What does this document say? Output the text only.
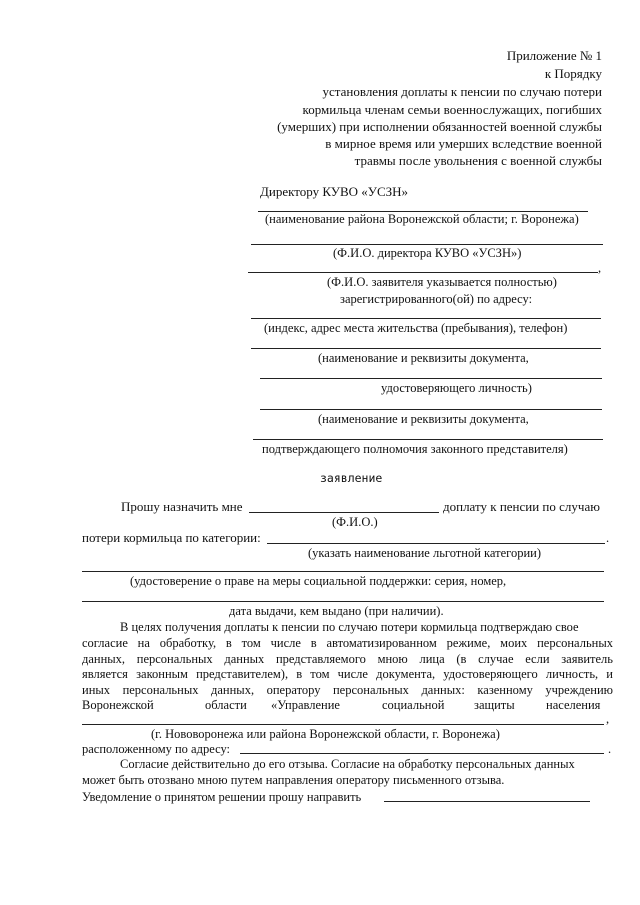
Приложение № 1
к Порядку
установления доплаты к пенсии по случаю потери
кормильца членам семьи военнослужащих, погибших
(умерших) при исполнении обязанностей военной службы
в мирное время или умерших вследствие военной
травмы после увольнения с военной службы
Директору КУВО «УСЗН»
(наименование района Воронежской области; г. Воронежа)
(Ф.И.О. директора КУВО «УСЗН»)
,
(Ф.И.О. заявителя указывается полностью)
зарегистрированного(ой) по адресу:
(индекс, адрес места жительства (пребывания), телефон)
(наименование и реквизиты документа,
удостоверяющего личность)
(наименование и реквизиты документа,
подтверждающего полномочия законного представителя)
заявление
Прошу назначить мне	доплату к пенсии по случаю
(Ф.И.О.)
потери кормильца по категории:	.
(указать наименование льготной категории)
(удостоверение о праве на меры социальной поддержки: серия, номер,
дата выдачи, кем выдано (при наличии).
В целях получения доплаты к пенсии по случаю потери кормильца подтверждаю свое
согласие на обработку, в том числе в автоматизированном режиме, моих персональных
данных, персональных данных представляемого мною лица (в случае если заявитель
является законным представителем), в том числе документа, удостоверяющего личность, и
иных персональных данных, оператору персональных данных: казенному учреждению
Воронежской	области «Управление	социальной защиты	населения
,
(г. Нововоронежа или района Воронежской области, г. Воронежа)
расположенному по адресу:	.
Согласие действительно до его отзыва. Согласие на обработку персональных данных
может быть отозвано мною путем направления оператору письменного отзыва.
Уведомление о принятом решении прошу направить
